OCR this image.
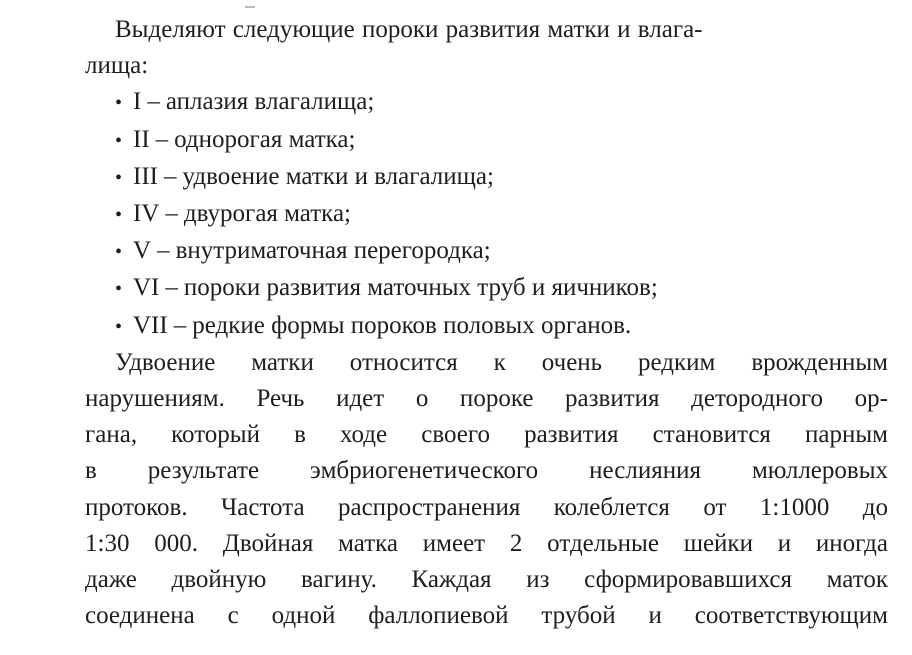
Выделяют следующие пороки развития матки и влага-
лища:

• I – аплазия влагалища;
• II – однорогая матка;
• III – удвоение матки и влагалища;
• IV – двурогая матка;
• V – внутриматочная перегородка;
• VI – пороки развития маточных труб и яичников;
• VII – редкие формы пороков половых органов.
Удвоение матки относится к очень редким врожденным
нарушениям. Речь идет о пороке развития детородного ор-
гана, который в ходе своего развития становится парным
в результате эмбриогенетического неслияния мюллеровых
протоков. Частота распространения колеблется от 1:1000 до
1:30 000. Двойная матка имеет 2 отдельные шейки и иногда
даже двойную вагину. Каждая из сформировавшихся маток
соединена с одной фаллопиевой трубой и соответствующим
